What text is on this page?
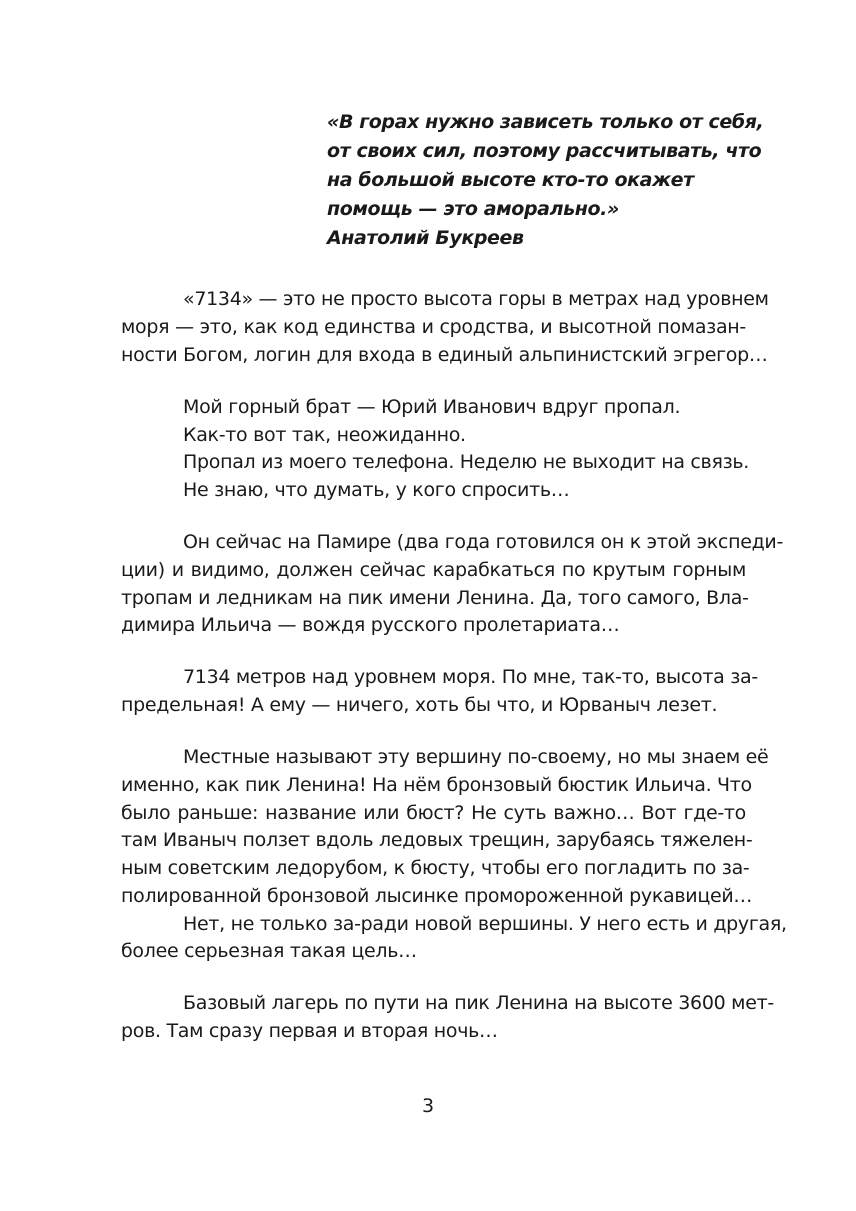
«В горах нужно зависеть только от себя,
от своих сил, поэтому рассчитывать, что
на большой высоте кто-то окажет
помощь — это аморально.»
Анатолий Букреев
«7134» — это не просто высота горы в метрах над уровнем
моря — это, как код единства и сродства, и высотной помазан-
ности Богом, логин для входа в единый альпинистский эгрегор…
Мой горный брат — Юрий Иванович вдруг пропал.
Как-то вот так, неожиданно.
Пропал из моего телефона. Неделю не выходит на связь.
Не знаю, что думать, у кого спросить…
Он сейчас на Памире (два года готовился он к этой экспеди-
ции) и видимо, должен сейчас карабкаться по крутым горным
тропам и ледникам на пик имени Ленина. Да, того самого, Вла-
димира Ильича — вождя русского пролетариата…
7134 метров над уровнем моря. По мне, так-то, высота за-
предельная! А ему — ничего, хоть бы что, и Юрваныч лезет.
Местные называют эту вершину по-своему, но мы знаем её
именно, как пик Ленина! На нём бронзовый бюстик Ильича. Что
было раньше: название или бюст? Не суть важно… Вот где-то
там Иваныч ползет вдоль ледовых трещин, зарубаясь тяжелен-
ным советским ледорубом, к бюсту, чтобы его погладить по за-
полированной бронзовой лысинке промороженной рукавицей…
Нет, не только за-ради новой вершины. У него есть и другая,
более серьезная такая цель…
Базовый лагерь по пути на пик Ленина на высоте 3600 мет-
ров. Там сразу первая и вторая ночь…
3
